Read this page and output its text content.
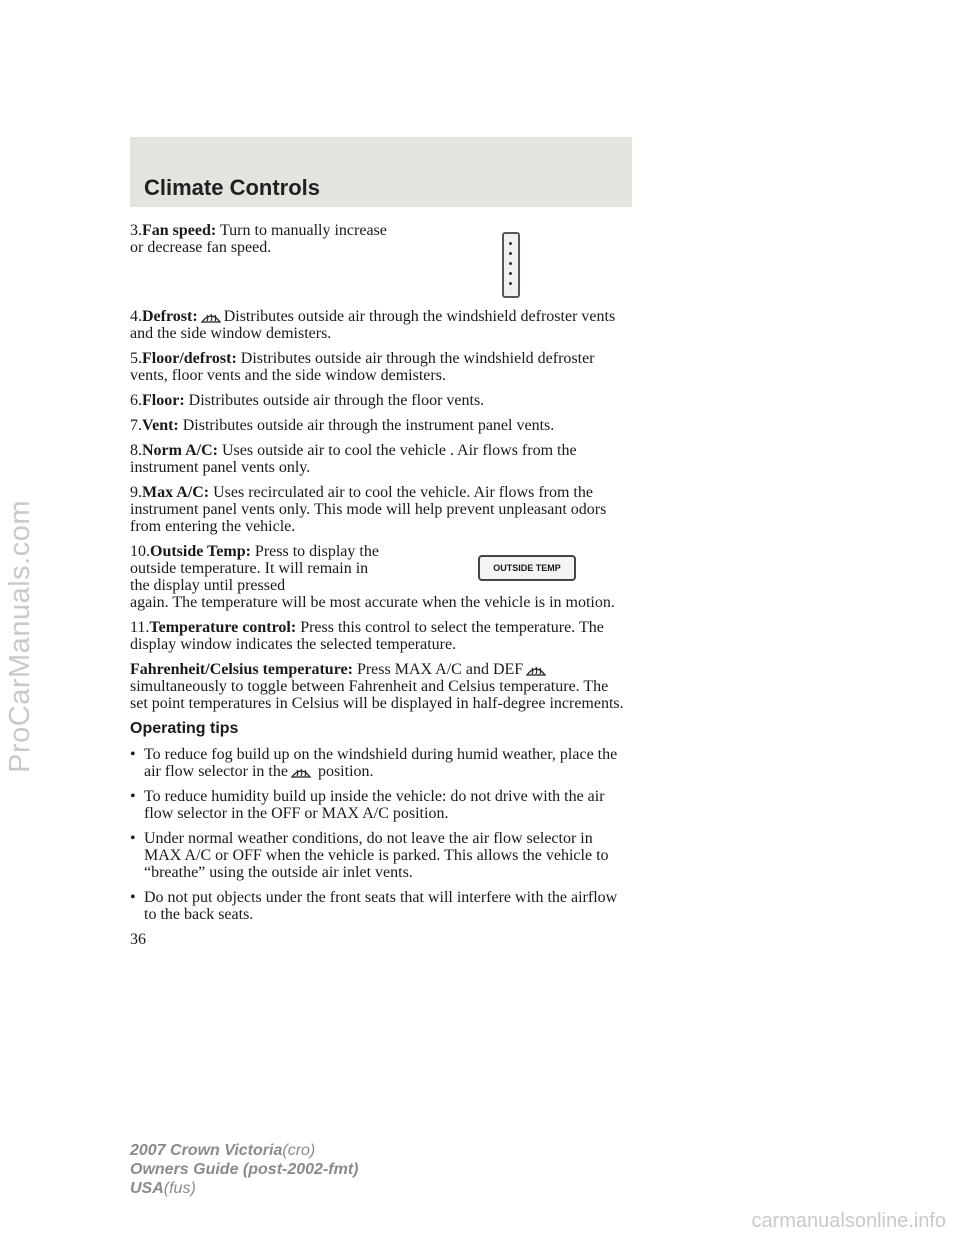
ProCarManuals.com
Climate Controls
3.Fan speed: Turn to manually increase or decrease fan speed.

4.Defrost: Distributes outside air through the windshield defroster vents and the side window demisters.

5.Floor/defrost: Distributes outside air through the windshield defroster vents, floor vents and the side window demisters.

6.Floor: Distributes outside air through the floor vents.

7.Vent: Distributes outside air through the instrument panel vents.

8.Norm A/C: Uses outside air to cool the vehicle . Air flows from the instrument panel vents only.

9.Max A/C: Uses recirculated air to cool the vehicle. Air flows from the instrument panel vents only. This mode will help prevent unpleasant odors from entering the vehicle.

10.Outside Temp: Press to display the outside temperature. It will remain in the display until pressed

again. The temperature will be most accurate when the vehicle is in motion.

OUTSIDE TEMP

11.Temperature control: Press this control to select the temperature. The display window indicates the selected temperature.

Fahrenheit/Celsius temperature: Press MAX A/C and DEF simultaneously to toggle between Fahrenheit and Celsius temperature. The set point temperatures in Celsius will be displayed in half-degree increments.

Operating tips
• To reduce fog build up on the windshield during humid weather, place the air flow selector in the position.
• To reduce humidity build up inside the vehicle: do not drive with the air flow selector in the OFF or MAX A/C position.
• Under normal weather conditions, do not leave the air flow selector in MAX A/C or OFF when the vehicle is parked. This allows the vehicle to “breathe” using the outside air inlet vents.
• Do not put objects under the front seats that will interfere with the airflow to the back seats.
36
2007 Crown Victoria(cro)
Owners Guide (post-2002-fmt)
USA(fus)
carmanualsonline.info
